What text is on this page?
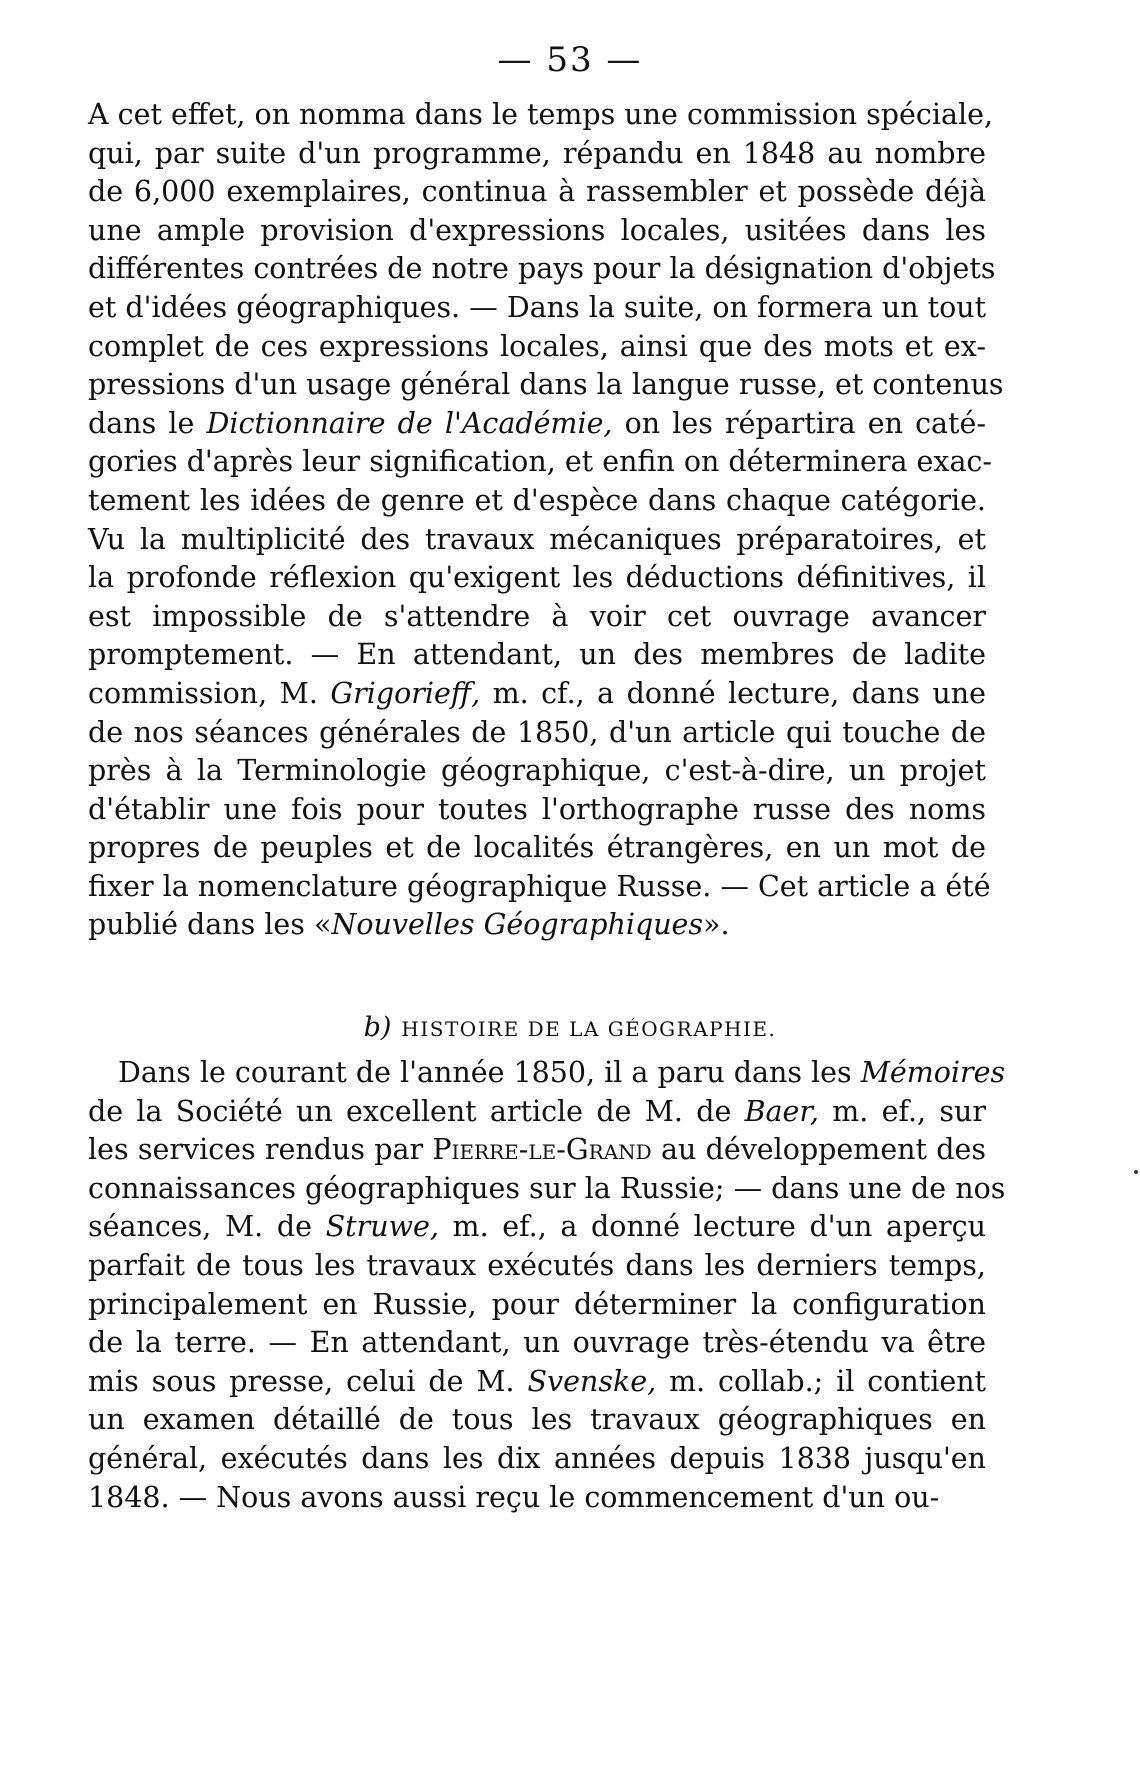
— 53 —
A cet effet, on nomma dans le temps une commission spéciale,
qui, par suite d'un programme, répandu en 1848 au nombre
de 6,000 exemplaires, continua à rassembler et possède déjà
une ample provision d'expressions locales, usitées dans les
différentes contrées de notre pays pour la désignation d'objets
et d'idées géographiques. — Dans la suite, on formera un tout
complet de ces expressions locales, ainsi que des mots et ex-
pressions d'un usage général dans la langue russe, et contenus
dans le Dictionnaire de l'Académie, on les répartira en caté-
gories d'après leur signification, et enfin on déterminera exac-
tement les idées de genre et d'espèce dans chaque catégorie.
Vu la multiplicité des travaux mécaniques préparatoires, et
la profonde réflexion qu'exigent les déductions définitives, il
est impossible de s'attendre à voir cet ouvrage avancer
promptement. — En attendant, un des membres de ladite
commission, M. Grigorieff, m. cf., a donné lecture, dans une
de nos séances générales de 1850, d'un article qui touche de
près à la Terminologie géographique, c'est-à-dire, un projet
d'établir une fois pour toutes l'orthographe russe des noms
propres de peuples et de localités étrangères, en un mot de
fixer la nomenclature géographique Russe. — Cet article a été
publié dans les «Nouvelles Géographiques».
b) HISTOIRE DE LA GÉOGRAPHIE.
Dans le courant de l'année 1850, il a paru dans les Mémoires
de la Société un excellent article de M. de Baer, m. ef., sur
les services rendus par Pierre-le-Grand au développement des
connaissances géographiques sur la Russie; — dans une de nos
séances, M. de Struwe, m. ef., a donné lecture d'un aperçu
parfait de tous les travaux exécutés dans les derniers temps,
principalement en Russie, pour déterminer la configuration
de la terre. — En attendant, un ouvrage très-étendu va être
mis sous presse, celui de M. Svenske, m. collab.; il contient
un examen détaillé de tous les travaux géographiques en
général, exécutés dans les dix années depuis 1838 jusqu'en
1848. — Nous avons aussi reçu le commencement d'un ou-
